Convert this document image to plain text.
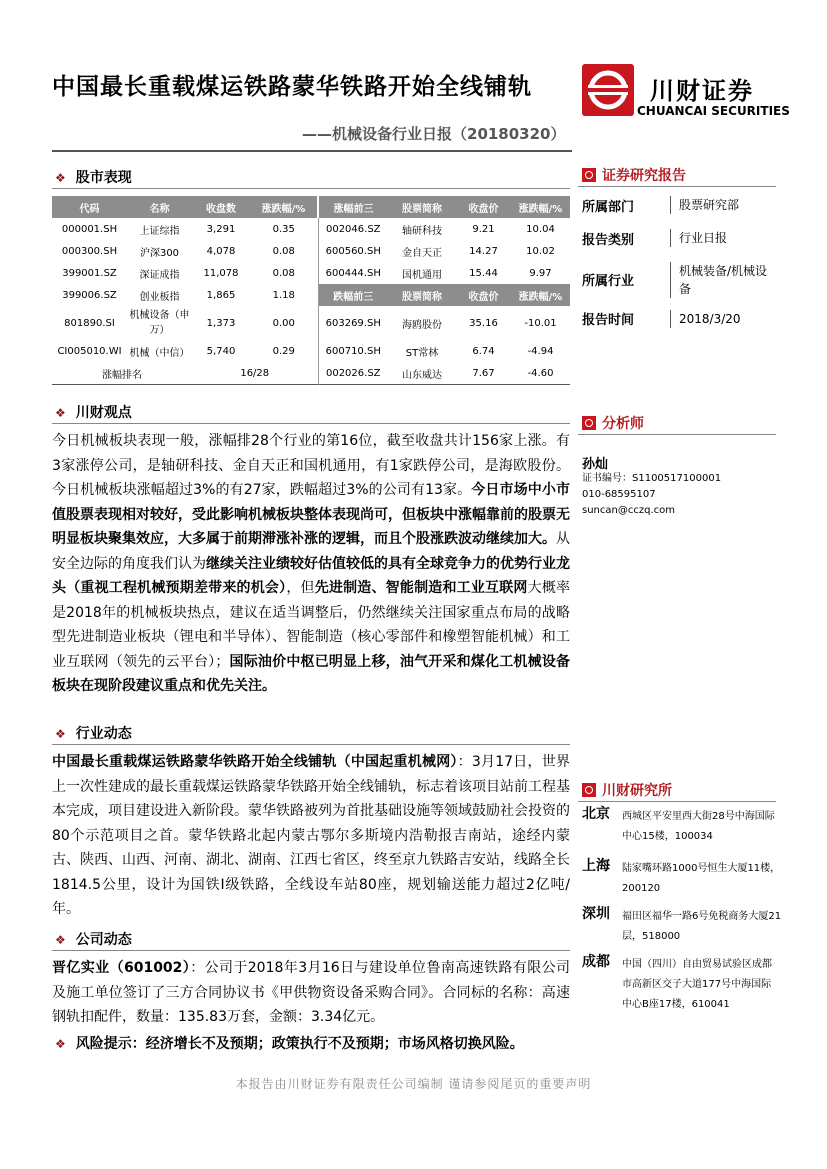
中国最长重载煤运铁路蒙华铁路开始全线铺轨
——机械设备行业日报（20180320）
川财证券
CHUANCAI SECURITIES
❖ 股市表现
代码	名称	收盘数	涨跌幅/%	涨幅前三	股票简称	收盘价	涨跌幅/%
000001.SH	上证综指	3,291	0.35	002046.SZ	轴研科技	9.21	10.04
000300.SH	沪深300	4,078	0.08	600560.SH	金自天正	14.27	10.02
399001.SZ	深证成指	11,078	0.08	600444.SH	国机通用	15.44	9.97
399006.SZ	创业板指	1,865	1.18	跌幅前三	股票简称	收盘价	涨跌幅/%
801890.SI	机械设备（申万）	1,373	0.00	603269.SH	海鸥股份	35.16	-10.01
CI005010.WI	机械（中信）	5,740	0.29	600710.SH	ST常林	6.74	-4.94
涨幅排名		16/28		002026.SZ	山东威达	7.67	-4.60
❖ 川财观点
今日机械板块表现一般，涨幅排28个行业的第16位，截至收盘共计156家上涨。有3家涨停公司，是轴研科技、金自天正和国机通用，有1家跌停公司，是海欧股份。今日机械板块涨幅超过3%的有27家，跌幅超过3%的公司有13家。今日市场中小市值股票表现相对较好，受此影响机械板块整体表现尚可，但板块中涨幅靠前的股票无明显板块聚集效应，大多属于前期滞涨补涨的逻辑，而且个股涨跌波动继续加大。从安全边际的角度我们认为继续关注业绩较好估值较低的具有全球竞争力的优势行业龙头（重视工程机械预期差带来的机会），但先进制造、智能制造和工业互联网大概率是2018年的机械板块热点，建议在适当调整后，仍然继续关注国家重点布局的战略型先进制造业板块（锂电和半导体）、智能制造（核心零部件和橡塑智能机械）和工业互联网（领先的云平台）；国际油价中枢已明显上移，油气开采和煤化工机械设备板块在现阶段建议重点和优先关注。
❖ 行业动态
中国最长重载煤运铁路蒙华铁路开始全线铺轨（中国起重机械网）：3月17日，世界上一次性建成的最长重载煤运铁路蒙华铁路开始全线铺轨，标志着该项目站前工程基本完成，项目建设进入新阶段。蒙华铁路被列为首批基础设施等领域鼓励社会投资的80个示范项目之首。蒙华铁路北起内蒙古鄂尔多斯境内浩勒报吉南站，途经内蒙古、陕西、山西、河南、湖北、湖南、江西七省区，终至京九铁路吉安站，线路全长1814.5公里，设计为国铁Ⅰ级铁路，全线设车站80座，规划输送能力超过2亿吨/年。
❖ 公司动态
晋亿实业（601002）：公司于2018年3月16日与建设单位鲁南高速铁路有限公司及施工单位签订了三方合同协议书《甲供物资设备采购合同》。合同标的名称：高速钢轨扣配件，数量：135.83万套，金额：3.34亿元。
❖ 风险提示：经济增长不及预期；政策执行不及预期；市场风格切换风险。
证券研究报告
所属部门	股票研究部
报告类别	行业日报
所属行业
机械装备/机械设备
报告时间	2018/3/20
分析师
孙灿
证书编号：S1100517100001
010-68595107
suncan@cczq.com
川财研究所
北京 西城区平安里西大街28号中海国际中心15楼，100034
上海 陆家嘴环路1000号恒生大厦11楼，200120
深圳 福田区福华一路6号免税商务大厦21层，518000
成都 中国（四川）自由贸易试验区成都市高新区交子大道177号中海国际中心B座17楼，610041
本报告由川财证券有限责任公司编制 谨请参阅尾页的重要声明
